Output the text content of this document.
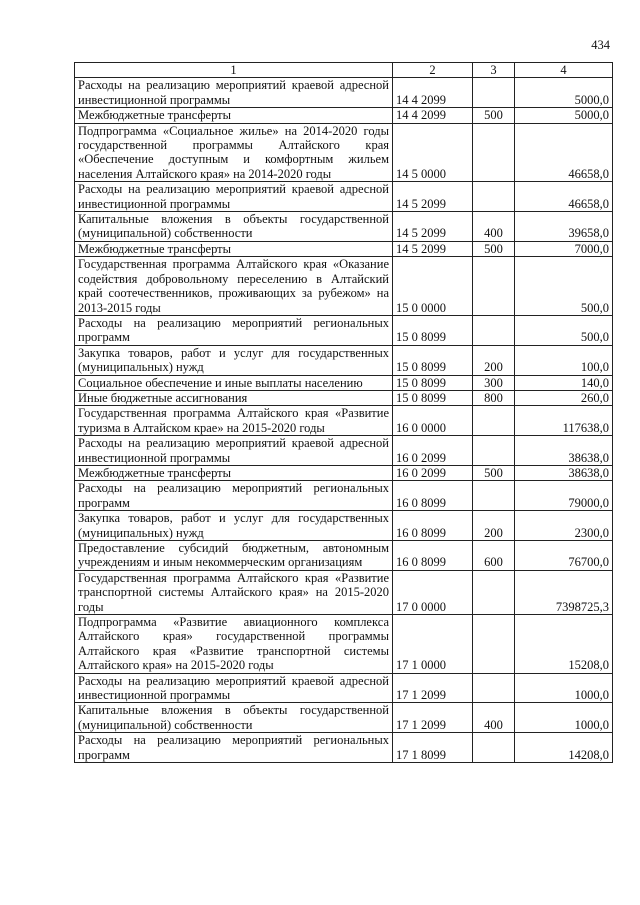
434
1	2	3	4
Расходы на реализацию мероприятий краевой адресной инвестиционной программы	14 4 2099		5000,0
Межбюджетные трансферты	14 4 2099	500	5000,0
Подпрограмма «Социальное жилье» на 2014-2020 годы государственной программы Алтайского края «Обеспечение доступным и комфортным жильем населения Алтайского края» на 2014-2020 годы	14 5 0000		46658,0
Расходы на реализацию мероприятий краевой адресной инвестиционной программы	14 5 2099		46658,0
Капитальные вложения в объекты государственной (муниципальной) собственности	14 5 2099	400	39658,0
Межбюджетные трансферты	14 5 2099	500	7000,0
Государственная программа Алтайского края «Оказание содействия добровольному переселению в Алтайский край соотечественников, проживающих за рубежом» на 2013-2015 годы	15 0 0000		500,0
Расходы на реализацию мероприятий региональных программ	15 0 8099		500,0
Закупка товаров, работ и услуг для государственных (муниципальных) нужд	15 0 8099	200	100,0
Социальное обеспечение и иные выплаты населению	15 0 8099	300	140,0
Иные бюджетные ассигнования	15 0 8099	800	260,0
Государственная программа Алтайского края «Развитие туризма в Алтайском крае» на 2015-2020 годы	16 0 0000		117638,0
Расходы на реализацию мероприятий краевой адресной инвестиционной программы	16 0 2099		38638,0
Межбюджетные трансферты	16 0 2099	500	38638,0
Расходы на реализацию мероприятий региональных программ	16 0 8099		79000,0
Закупка товаров, работ и услуг для государственных (муниципальных) нужд	16 0 8099	200	2300,0
Предоставление субсидий бюджетным, автономным учреждениям и иным некоммерческим организациям	16 0 8099	600	76700,0
Государственная программа Алтайского края «Развитие транспортной системы Алтайского края» на 2015-2020 годы	17 0 0000		7398725,3
Подпрограмма «Развитие авиационного комплекса Алтайского края» государственной программы Алтайского края «Развитие транспортной системы Алтайского края» на 2015-2020 годы	17 1 0000		15208,0
Расходы на реализацию мероприятий краевой адресной инвестиционной программы	17 1 2099		1000,0
Капитальные вложения в объекты государственной (муниципальной) собственности	17 1 2099	400	1000,0
Расходы на реализацию мероприятий региональных программ	17 1 8099		14208,0
